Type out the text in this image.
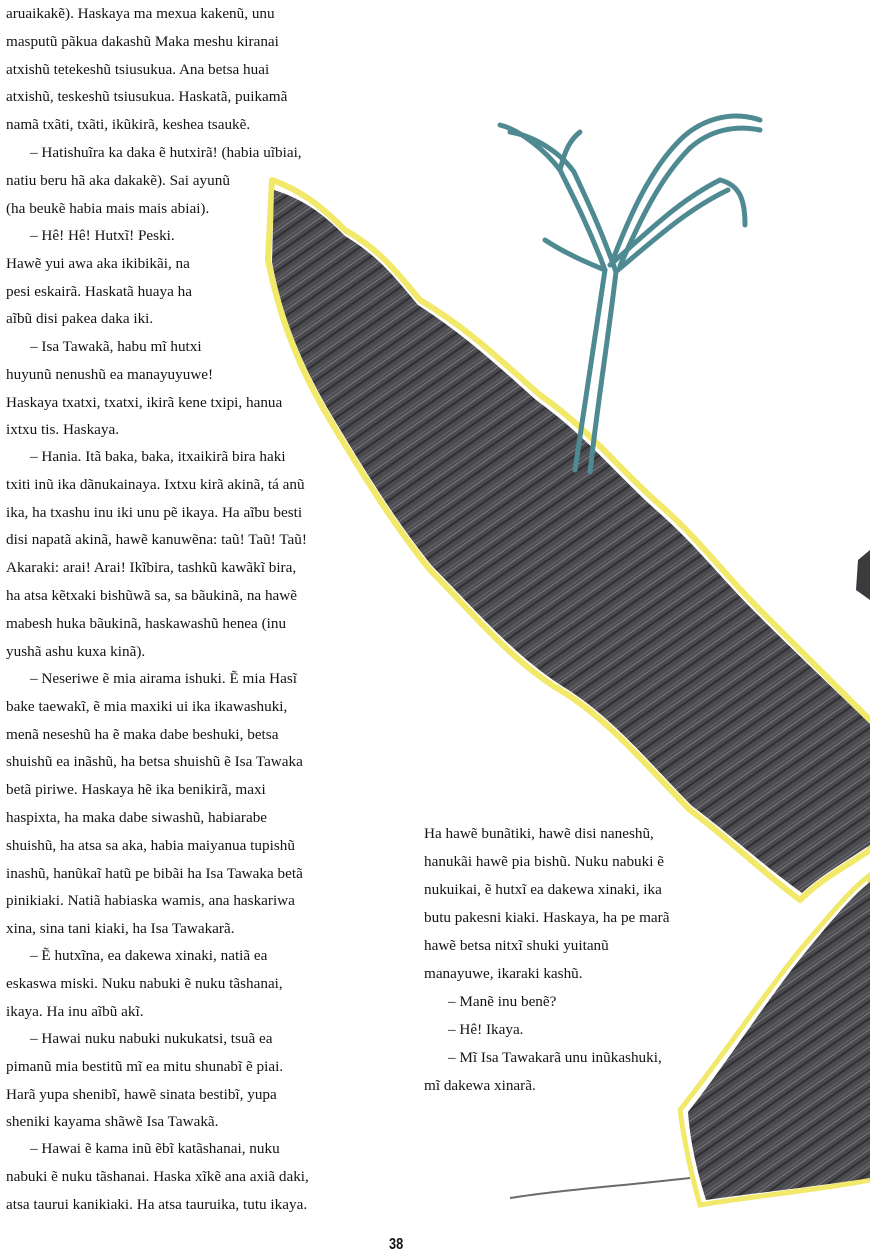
aruaikakẽ). Haskaya ma mexua kakenũ, unu
masputũ pãkua dakashũ Maka meshu kiranai
atxishũ tetekeshũ tsiusukua. Ana betsa huai
atxishũ, teskeshũ tsiusukua. Haskatã, puikamã
namã txãti, txãti, ikũkirã, keshea tsaukẽ.
– Hatishuĩra ka daka ẽ hutxirã! (habia uĩbiai,
natiu beru hã aka dakakẽ). Sai ayunũ
(ha beukẽ habia mais mais abiai).
– Hê! Hê! Hutxĩ! Peski.
Hawẽ yui awa aka ikibikãi, na
pesi eskairã. Haskatã huaya ha
aĩbũ disi pakea daka iki.
– Isa Tawakã, habu mĩ hutxi
huyunũ nenushũ ea manayuyuwe!
Haskaya txatxi, txatxi, ikirã kene txipi, hanua
ixtxu tis. Haskaya.
– Hania. Itã baka, baka, itxaikirã bira haki
txiti inũ ika dãnukainaya. Ixtxu kirã akinã, tá anũ
ika, ha txashu inu iki unu pẽ ikaya. Ha aĩbu besti
disi napatã akinã, hawẽ kanuwẽna: taũ! Taũ! Taũ!
Akaraki: arai! Arai! Ikĩbira, tashkũ kawãkĩ bira,
ha atsa kẽtxaki bishũwã sa, sa bãukinã, na hawẽ
mabesh huka bãukinã, haskawashũ henea (inu
yushã ashu kuxa kinã).
– Neseriwe ẽ mia airama ishuki. Ẽ mia Hasĩ
bake taewakĩ, ẽ mia maxiki ui ika ikawashuki,
menã neseshũ ha ẽ maka dabe beshuki, betsa
shuishũ ea inãshũ, ha betsa shuishũ ẽ Isa Tawaka
betã piriwe. Haskaya hẽ ika benikirã, maxi
haspixta, ha maka dabe siwashũ, habiarabe
shuishũ, ha atsa sa aka, habia maiyanua tupishũ
inashũ, hanũkaĩ hatũ pe bibãi ha Isa Tawaka betã
pinikiaki. Natiã habiaska wamis, ana haskariwa
xina, sina tani kiaki, ha Isa Tawakarã.
– Ẽ hutxĩna, ea dakewa xinaki, natiã ea
eskaswa miski. Nuku nabuki ẽ nuku tãshanai,
ikaya. Ha inu aĩbũ akĩ.
– Hawai nuku nabuki nukukatsi, tsuã ea
pimanũ mia bestitũ mĩ ea mitu shunabĩ ẽ piai.
Harã yupa shenibĩ, hawẽ sinata bestibĩ, yupa
sheniki kayama shãwẽ Isa Tawakã.
– Hawai ẽ kama inũ ẽbĩ katãshanai, nuku
nabuki ẽ nuku tãshanai. Haska xĩkẽ ana axiã daki,
atsa taurui kanikiaki. Ha atsa tauruika, tutu ikaya.
Ha hawẽ bunãtiki, hawẽ disi naneshũ,
hanukãi hawẽ pia bishũ. Nuku nabuki ẽ
nukuikai, ẽ hutxĩ ea dakewa xinaki, ika
butu pakesni kiaki. Haskaya, ha pe marã
hawẽ betsa nitxĩ shuki yuitanũ
manayuwe, ikaraki kashũ.
– Manẽ inu benẽ?
– Hê! Ikaya.
– Mĩ Isa Tawakarã unu inũkashuki,
mĩ dakewa xinarã.
38
